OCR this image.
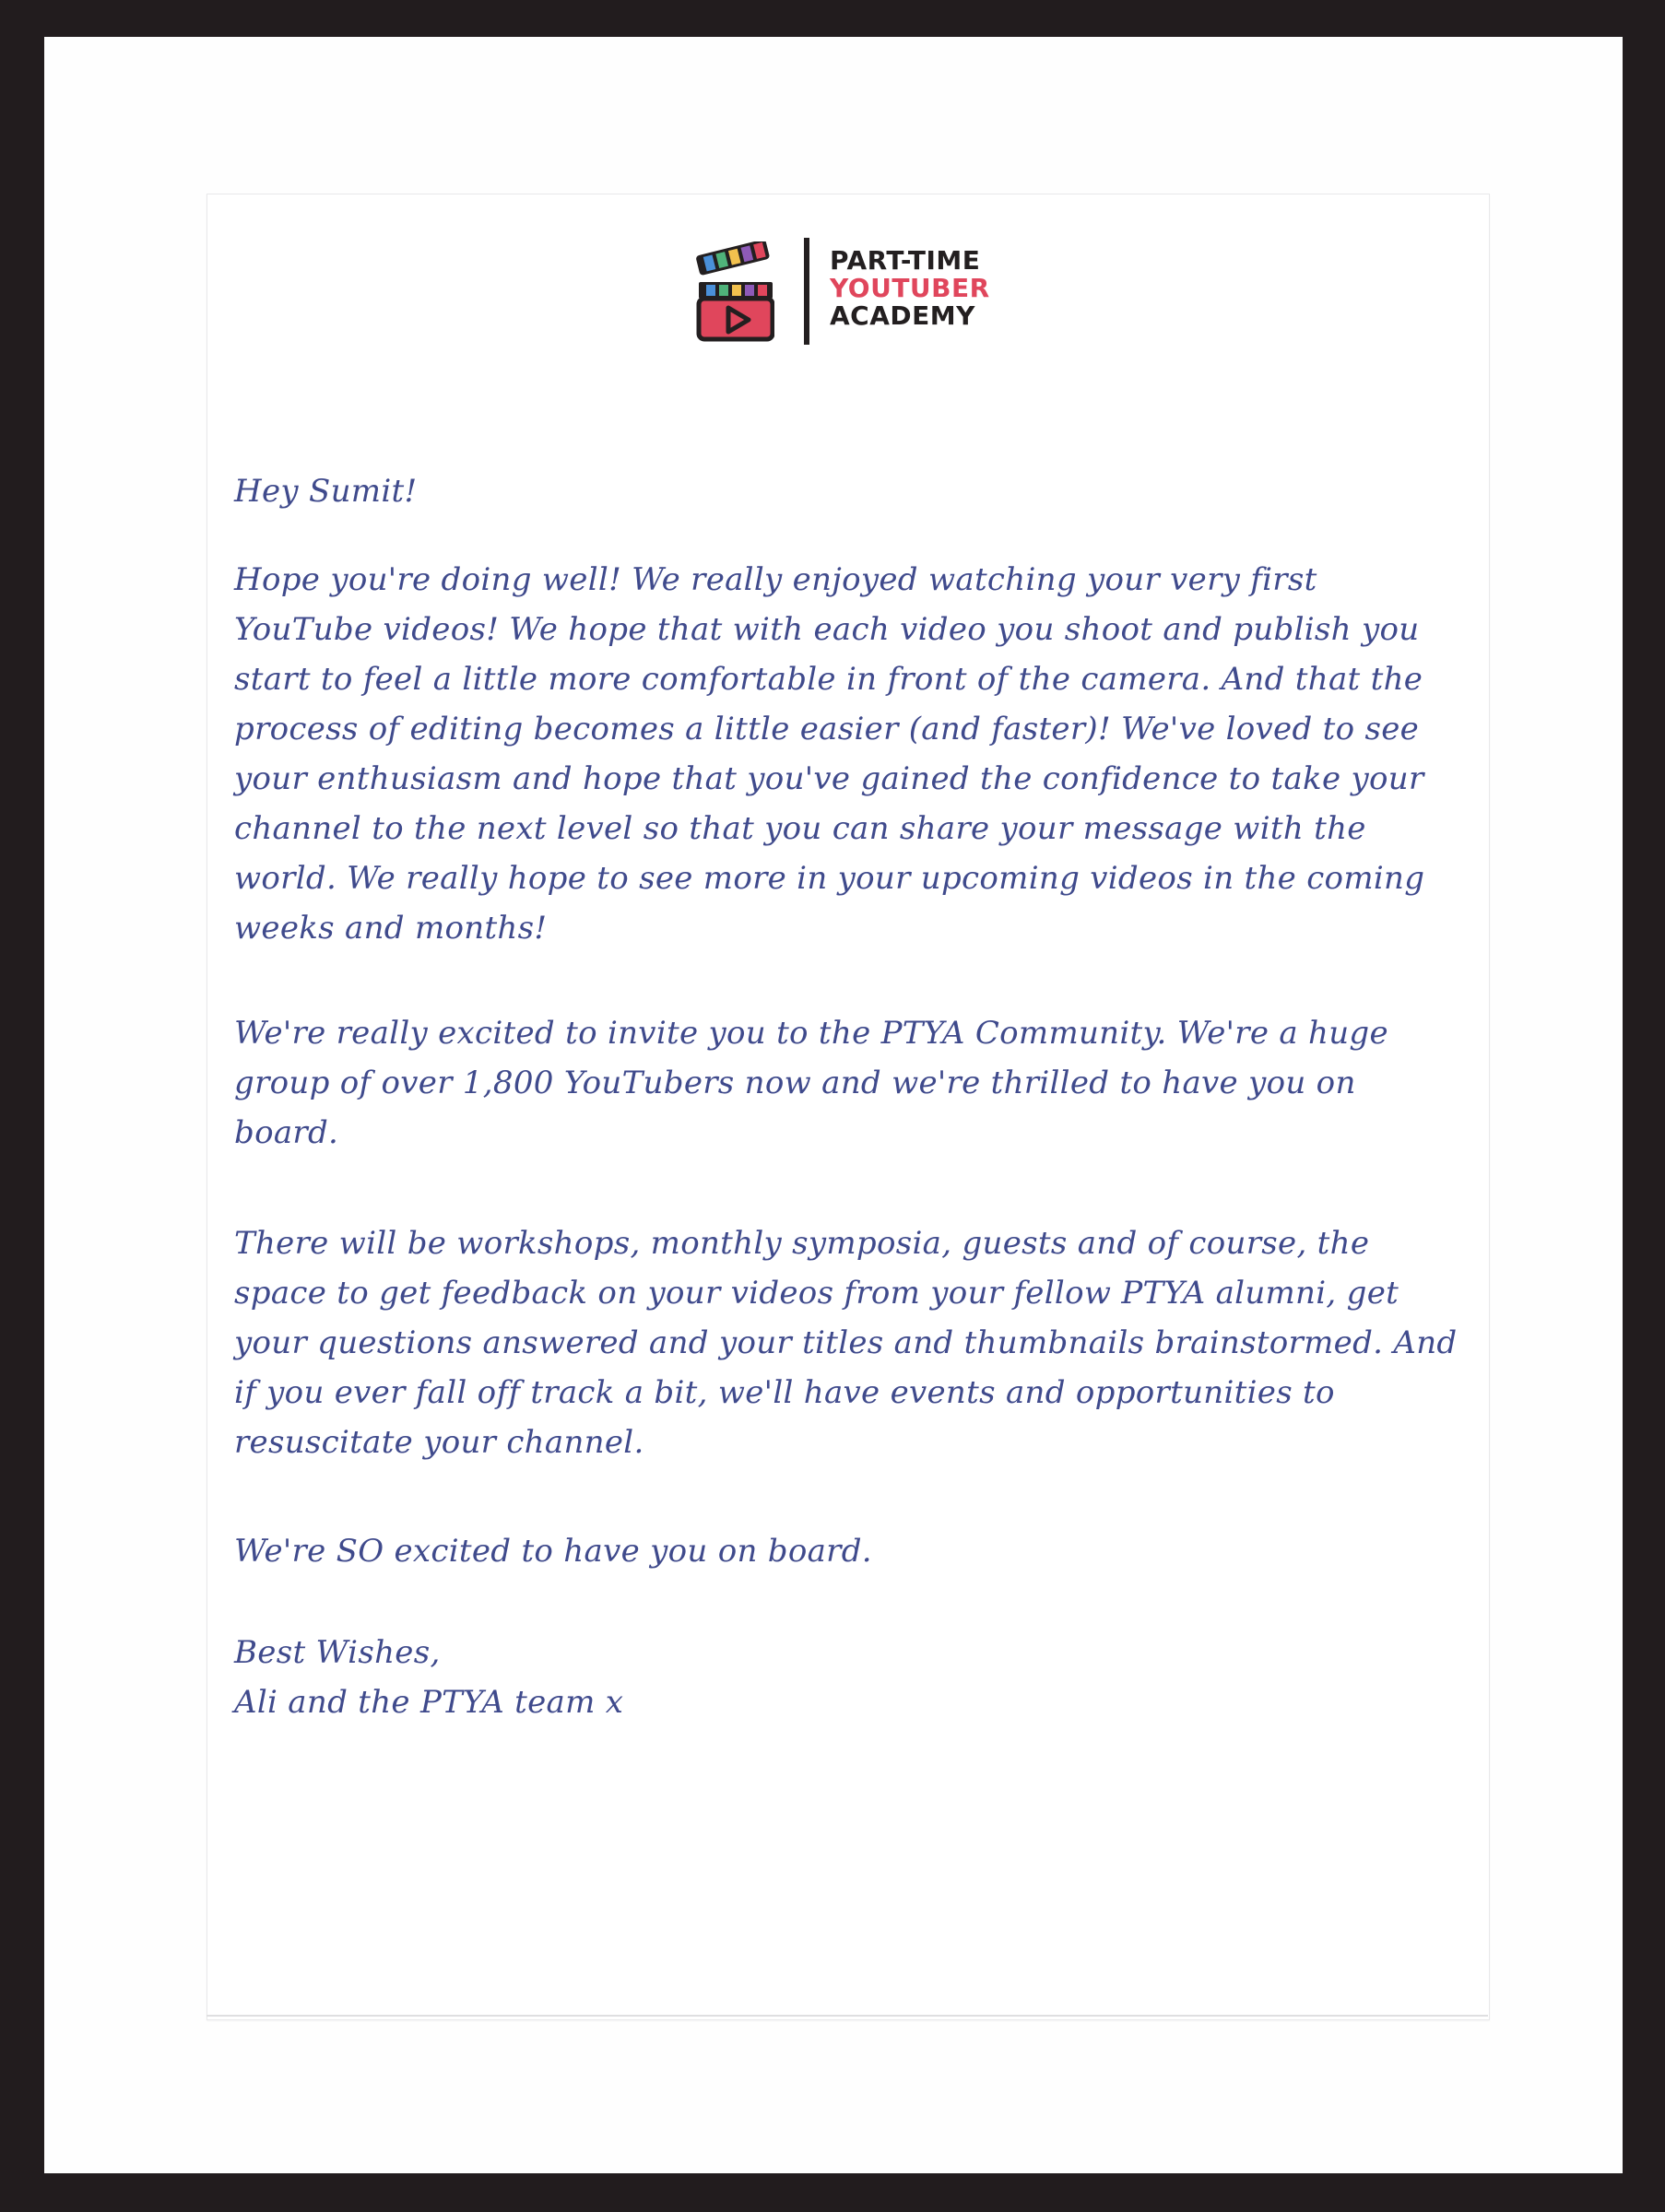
PART-TIME
YOUTUBER
ACADEMY

Hey Sumit!

Hope you're doing well! We really enjoyed watching your very first YouTube videos! We hope that with each video you shoot and publish you start to feel a little more comfortable in front of the camera. And that the process of editing becomes a little easier (and faster)! We've loved to see your enthusiasm and hope that you've gained the confidence to take your channel to the next level so that you can share your message with the world. We really hope to see more in your upcoming videos in the coming weeks and months!

We're really excited to invite you to the PTYA Community. We're a huge group of over 1,800 YouTubers now and we're thrilled to have you on board.

There will be workshops, monthly symposia, guests and of course, the space to get feedback on your videos from your fellow PTYA alumni, get your questions answered and your titles and thumbnails brainstormed. And if you ever fall off track a bit, we'll have events and opportunities to resuscitate your channel.

We're SO excited to have you on board.

Best Wishes,

Ali and the PTYA team x
